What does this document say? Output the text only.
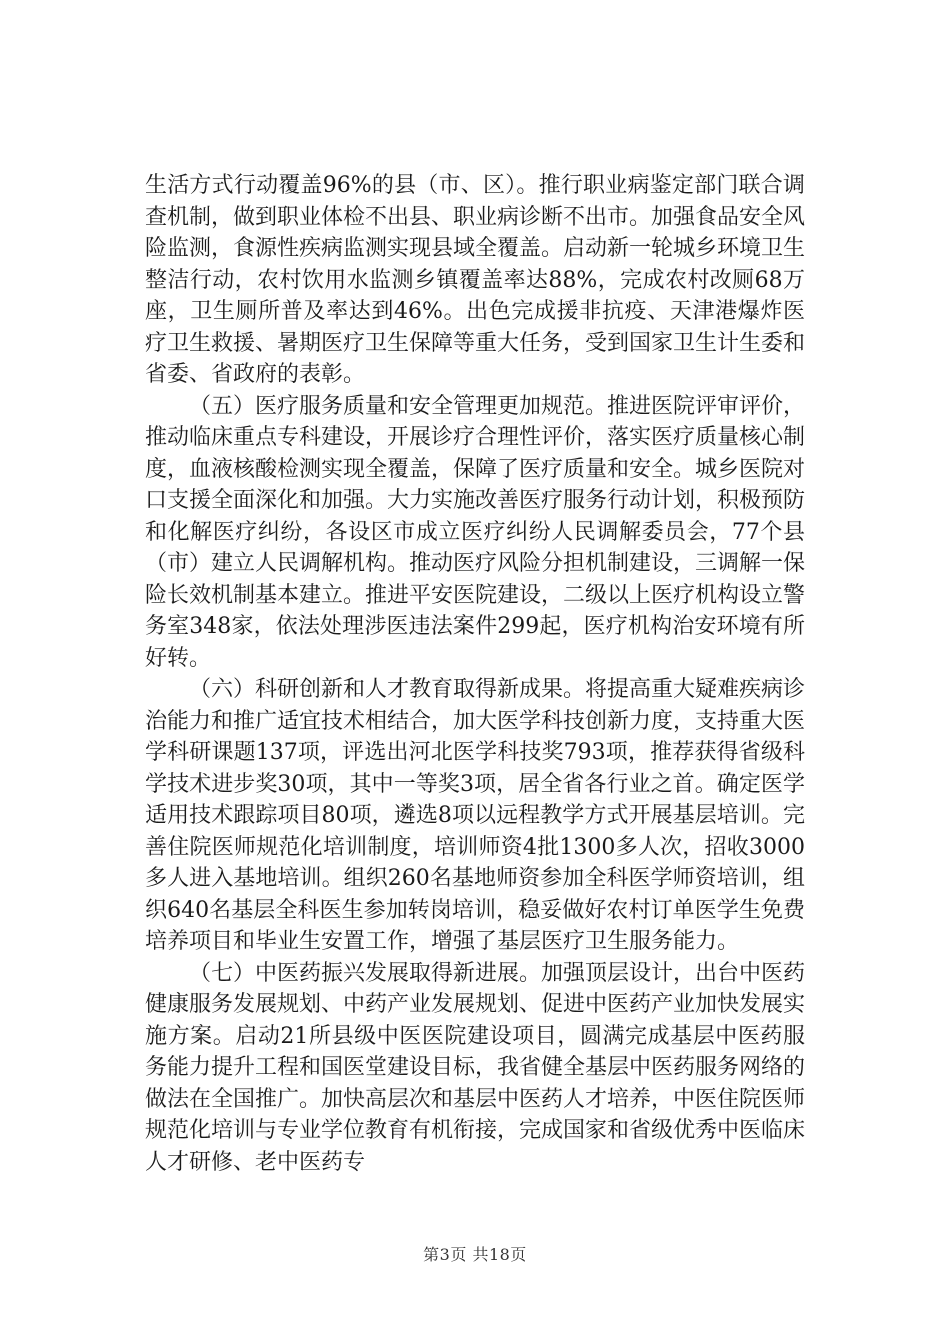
生活方式行动覆盖96%的县（市、区）。推行职业病鉴定部门联合调查机制，做到职业体检不出县、职业病诊断不出市。加强食品安全风险监测，食源性疾病监测实现县域全覆盖。启动新一轮城乡环境卫生整洁行动，农村饮用水监测乡镇覆盖率达88%，完成农村改厕68万座，卫生厕所普及率达到46%。出色完成援非抗疫、天津港爆炸医疗卫生救援、暑期医疗卫生保障等重大任务，受到国家卫生计生委和省委、省政府的表彰。

（五）医疗服务质量和安全管理更加规范。推进医院评审评价，推动临床重点专科建设，开展诊疗合理性评价，落实医疗质量核心制度，血液核酸检测实现全覆盖，保障了医疗质量和安全。城乡医院对口支援全面深化和加强。大力实施改善医疗服务行动计划，积极预防和化解医疗纠纷，各设区市成立医疗纠纷人民调解委员会，77个县（市）建立人民调解机构。推动医疗风险分担机制建设，三调解一保险长效机制基本建立。推进平安医院建设，二级以上医疗机构设立警务室348家，依法处理涉医违法案件299起，医疗机构治安环境有所好转。

（六）科研创新和人才教育取得新成果。将提高重大疑难疾病诊治能力和推广适宜技术相结合，加大医学科技创新力度，支持重大医学科研课题137项，评选出河北医学科技奖793项，推荐获得省级科学技术进步奖30项，其中一等奖3项，居全省各行业之首。确定医学适用技术跟踪项目80项，遴选8项以远程教学方式开展基层培训。完善住院医师规范化培训制度，培训师资4批1300多人次，招收3000多人进入基地培训。组织260名基地师资参加全科医学师资培训，组织640名基层全科医生参加转岗培训，稳妥做好农村订单医学生免费培养项目和毕业生安置工作，增强了基层医疗卫生服务能力。

（七）中医药振兴发展取得新进展。加强顶层设计，出台中医药健康服务发展规划、中药产业发展规划、促进中医药产业加快发展实施方案。启动21所县级中医医院建设项目，圆满完成基层中医药服务能力提升工程和国医堂建设目标，我省健全基层中医药服务网络的做法在全国推广。加快高层次和基层中医药人才培养，中医住院医师规范化培训与专业学位教育有机衔接，完成国家和省级优秀中医临床人才研修、老中医药专

第3页 共18页
